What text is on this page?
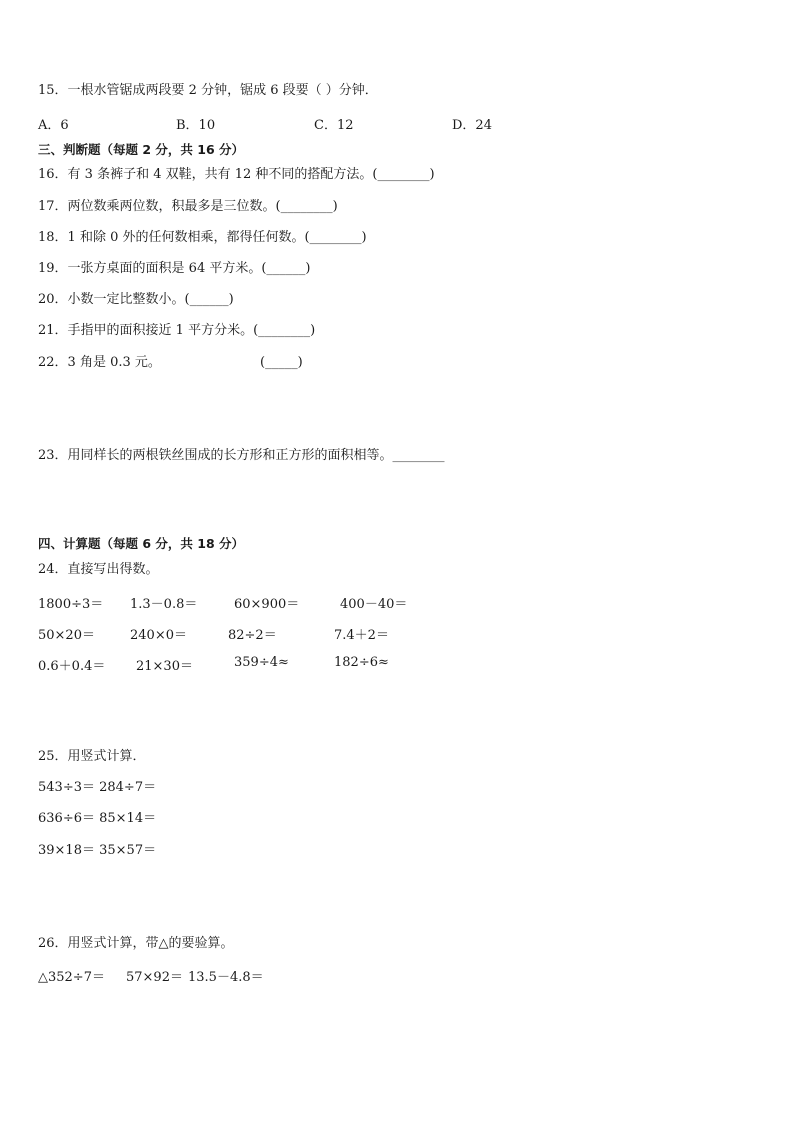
15．一根水管锯成两段要 2 分钟，锯成 6 段要（ ）分钟．
A．6	B．10	C．12	D．24
三、判断题（每题 2 分，共 16 分）
16．有 3 条裤子和 4 双鞋，共有 12 种不同的搭配方法。(________)
17．两位数乘两位数，积最多是三位数。(________)
18．1 和除 0 外的任何数相乘，都得任何数。(________)
19．一张方桌面的面积是 64 平方米。(______)
20．小数一定比整数小。(______)
21．手指甲的面积接近 1 平方分米。(________)
22．3 角是 0.3 元。	(_____)
23．用同样长的两根铁丝围成的长方形和正方形的面积相等。________
四、计算题（每题 6 分，共 18 分）
24．直接写出得数。
1800÷3＝ 1.3－0.8＝	60×900＝	400－40＝
50×20＝	240×0＝	82÷2＝	7.4＋2＝
0.6＋0.4＝ 21×30＝	359÷4≈	182÷6≈
25．用竖式计算．
543÷3＝ 284÷7＝
636÷6＝ 85×14＝
39×18＝ 35×57＝
26．用竖式计算，带△的要验算。
△352÷7＝ 57×92＝ 13.5－4.8＝
